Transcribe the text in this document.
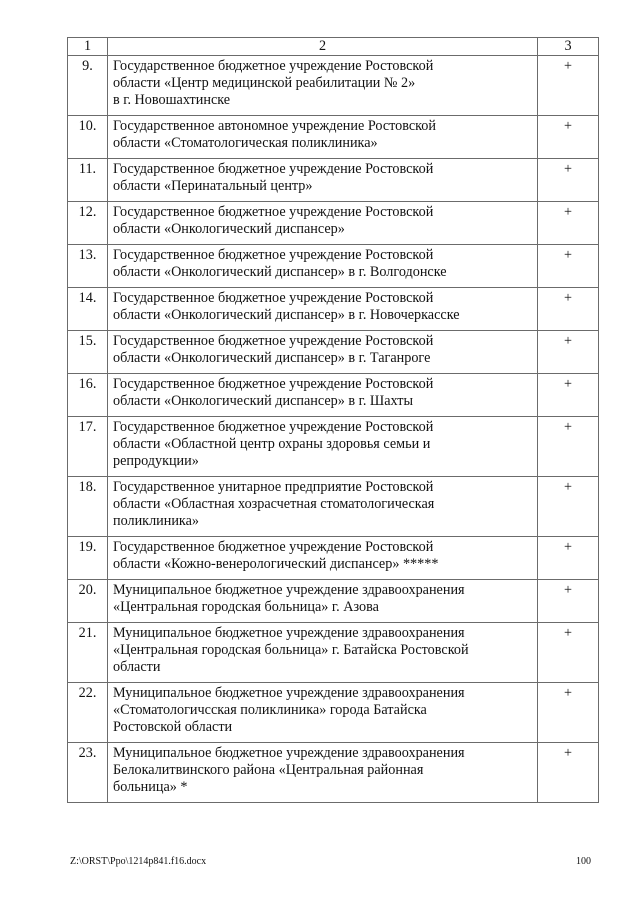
1	2	3
9.	Государственное бюджетное учреждение Ростовской
области «Центр медицинской реабилитации № 2»
в г. Новошахтинске	+
10.	Государственное автономное учреждение Ростовской
области «Стоматологическая поликлиника»	+
11.	Государственное бюджетное учреждение Ростовской
области «Перинатальный центр»	+
12.	Государственное бюджетное учреждение Ростовской
области «Онкологический диспансер»	+
13.	Государственное бюджетное учреждение Ростовской
области «Онкологический диспансер» в г. Волгодонске	+
14.	Государственное бюджетное учреждение Ростовской
области «Онкологический диспансер» в г. Новочеркасске	+
15.	Государственное бюджетное учреждение Ростовской
области «Онкологический диспансер» в г. Таганроге	+
16.	Государственное бюджетное учреждение Ростовской
области «Онкологический диспансер» в г. Шахты	+
17.	Государственное бюджетное учреждение Ростовской
области «Областной центр охраны здоровья семьи и
репродукции»	+
18.	Государственное унитарное предприятие Ростовской
области «Областная хозрасчетная стоматологическая
поликлиника»	+
19.	Государственное бюджетное учреждение Ростовской
области «Кожно-венерологический диспансер» *****	+
20.	Муниципальное бюджетное учреждение здравоохранения
«Центральная городская больница» г. Азова	+
21.	Муниципальное бюджетное учреждение здравоохранения
«Центральная городская больница» г. Батайска Ростовской
области	+
22.	Муниципальное бюджетное учреждение здравоохранения
«Стоматологичсская поликлиника» города Батайска
Ростовской области	+
23.	Муниципальное бюджетное учреждение здравоохранения
Белокалитвинского района «Центральная районная
больница» *	+
Z:\ORST\Ppo\1214p841.f16.docx	100
